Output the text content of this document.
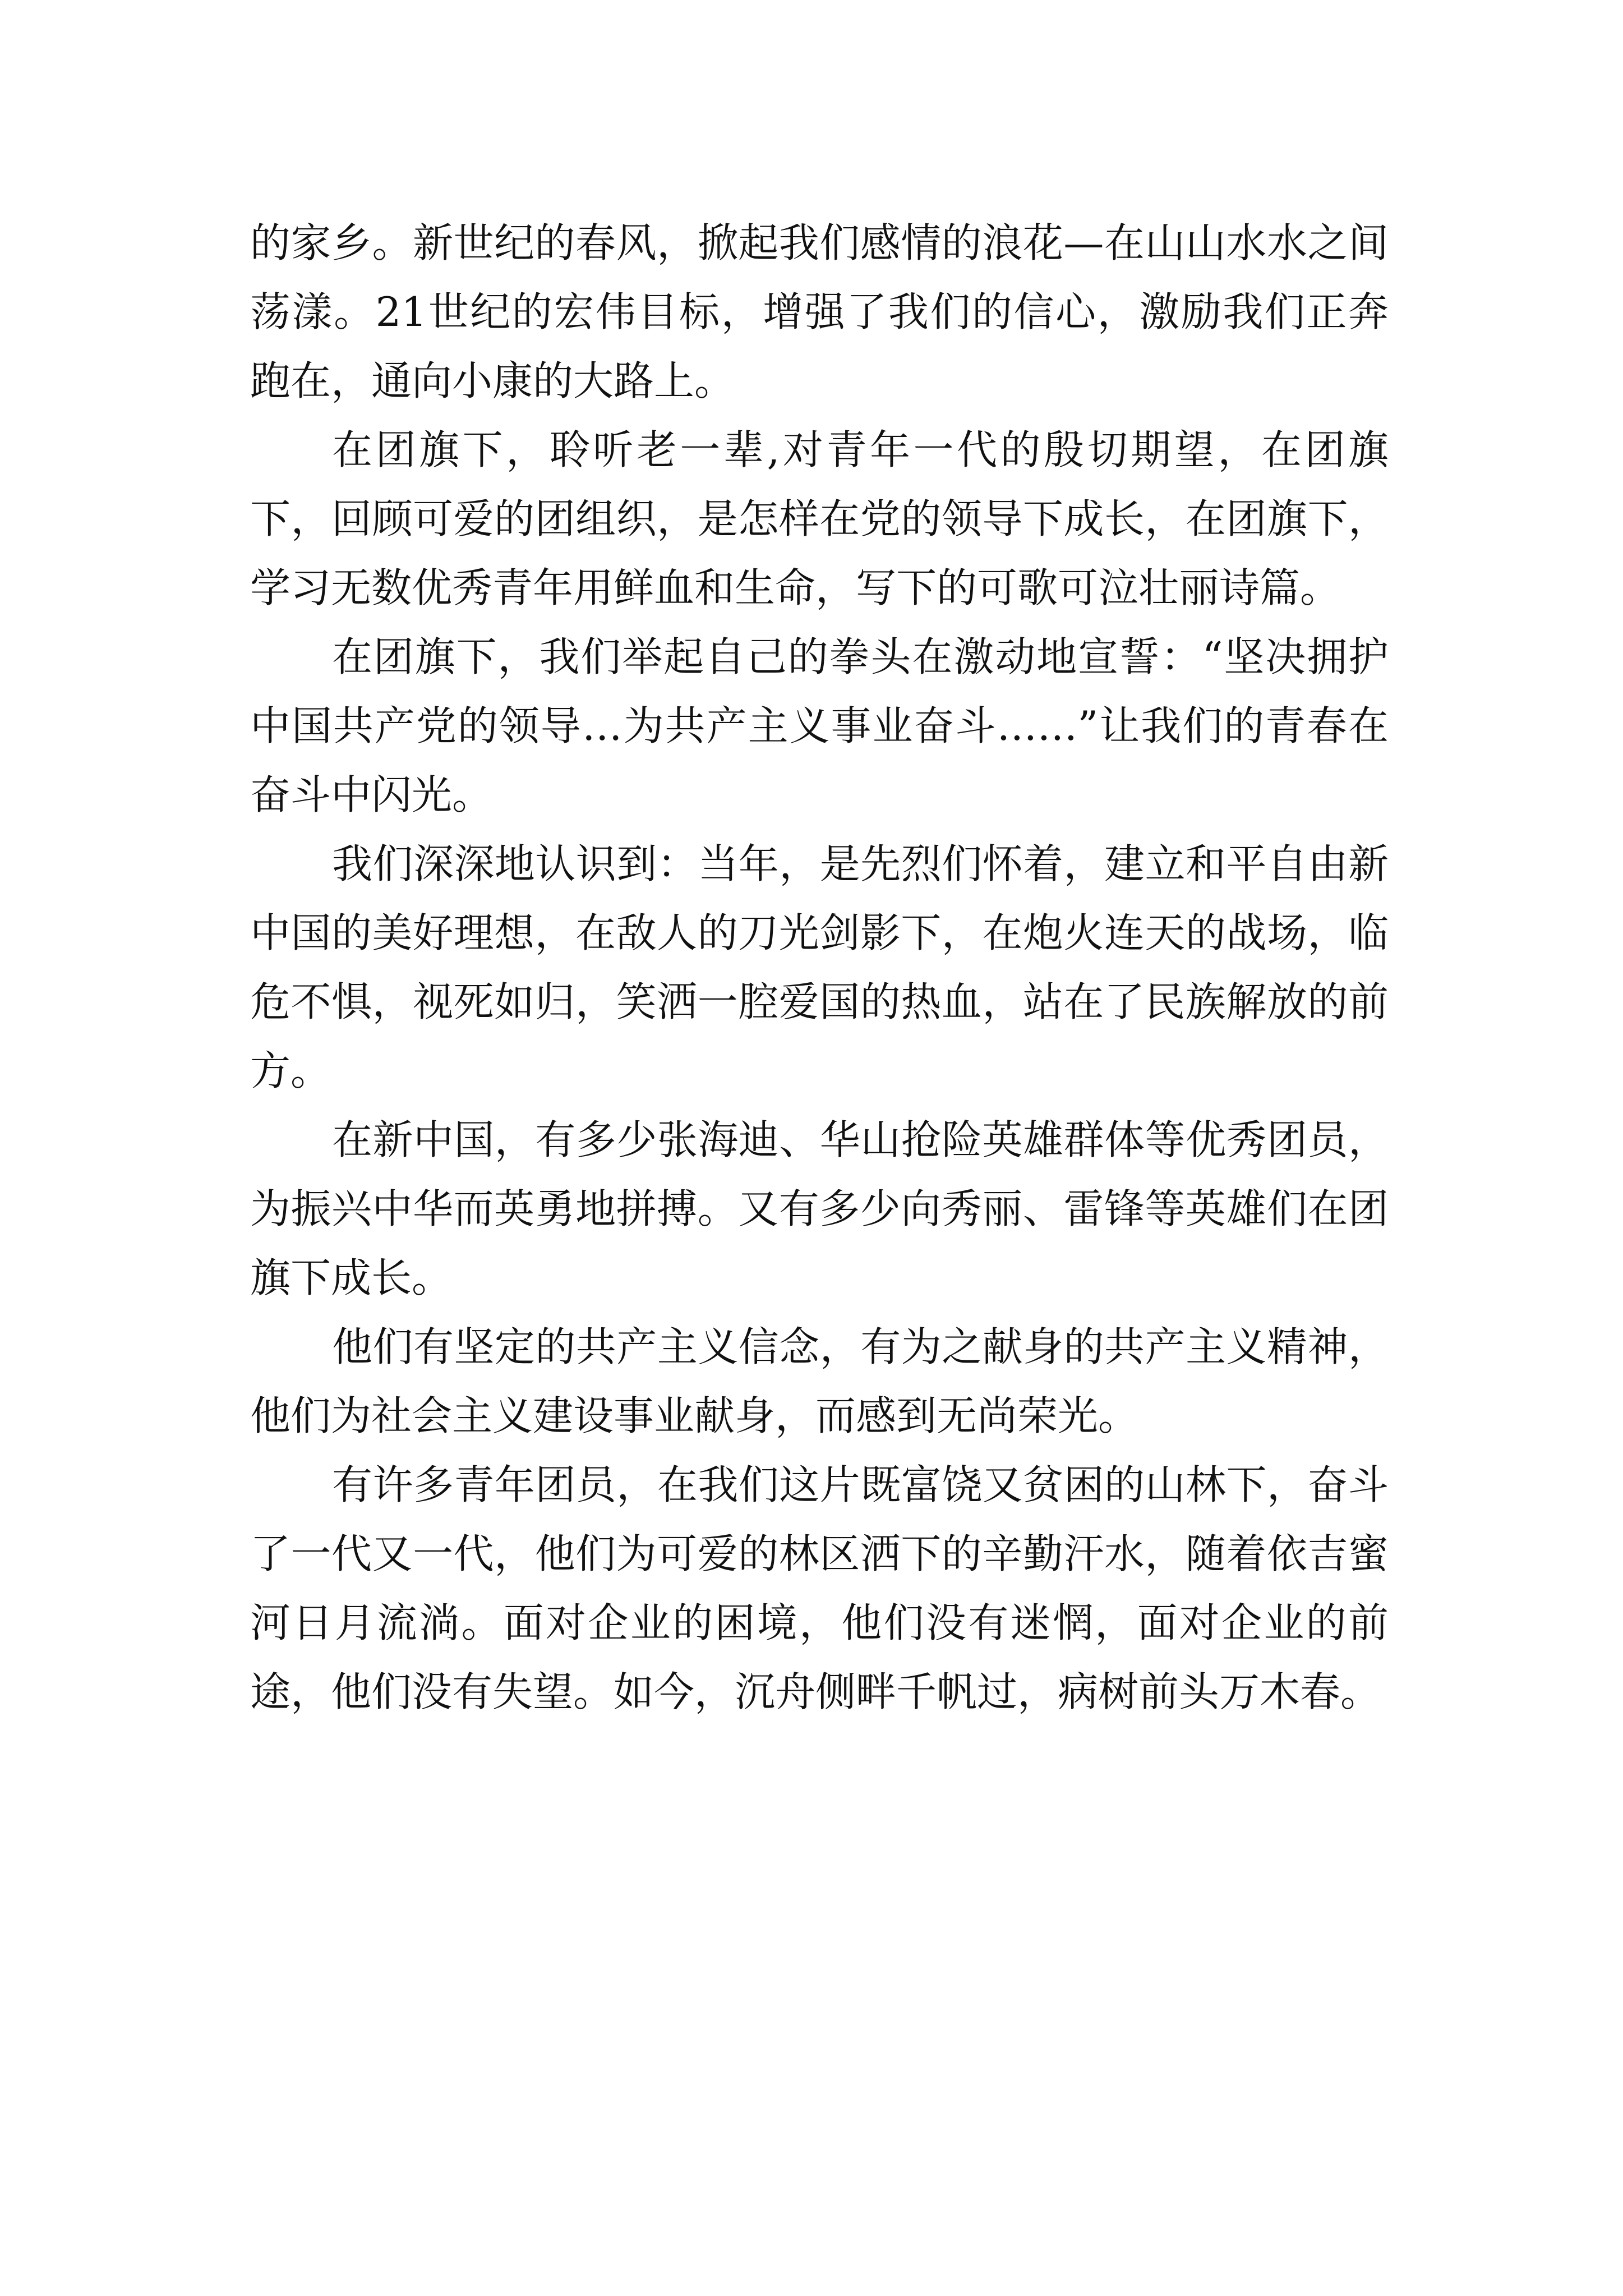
的家乡。新世纪的春风，掀起我们感情的浪花—在山山水水之间荡漾。21世纪的宏伟目标，增强了我们的信心，激励我们正奔跑在，通向小康的大路上。

在团旗下，聆听老一辈,对青年一代的殷切期望，在团旗下，回顾可爱的团组织，是怎样在党的领导下成长，在团旗下，学习无数优秀青年用鲜血和生命，写下的可歌可泣壮丽诗篇。

在团旗下，我们举起自己的拳头在激动地宣誓：“坚决拥护中国共产党的领导…为共产主义事业奋斗……”让我们的青春在奋斗中闪光。

我们深深地认识到：当年，是先烈们怀着，建立和平自由新中国的美好理想，在敌人的刀光剑影下，在炮火连天的战场，临危不惧，视死如归，笑洒一腔爱国的热血，站在了民族解放的前方。

在新中国，有多少张海迪、华山抢险英雄群体等优秀团员，为振兴中华而英勇地拼搏。又有多少向秀丽、雷锋等英雄们在团旗下成长。

他们有坚定的共产主义信念，有为之献身的共产主义精神，他们为社会主义建设事业献身，而感到无尚荣光。

有许多青年团员，在我们这片既富饶又贫困的山林下，奋斗了一代又一代，他们为可爱的林区洒下的辛勤汗水，随着依吉蜜河日月流淌。面对企业的困境，他们没有迷惘，面对企业的前途，他们没有失望。如今，沉舟侧畔千帆过，病树前头万木春。
